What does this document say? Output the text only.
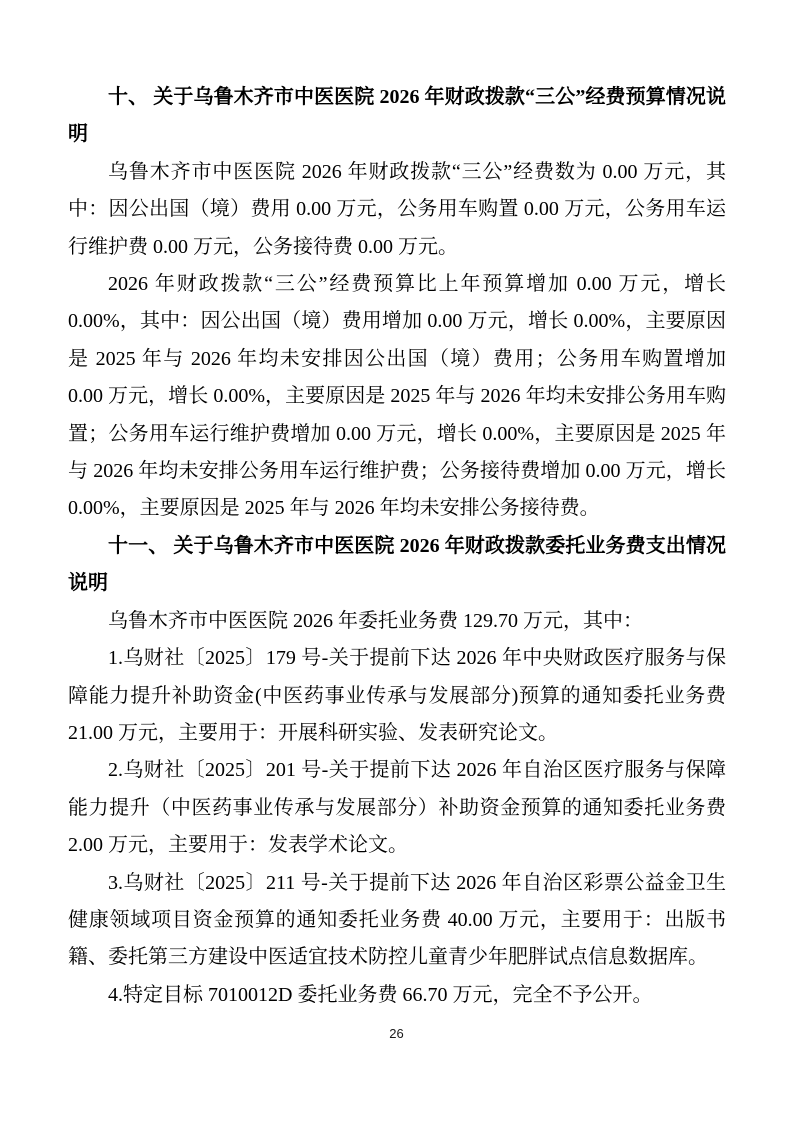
十、 关于乌鲁木齐市中医医院 2026 年财政拨款“三公”经费预算情况说明

乌鲁木齐市中医医院 2026 年财政拨款“三公”经费数为 0.00 万元，其中：因公出国（境）费用 0.00 万元，公务用车购置 0.00 万元，公务用车运行维护费 0.00 万元，公务接待费 0.00 万元。

2026 年财政拨款“三公”经费预算比上年预算增加 0.00 万元，增长 0.00%，其中：因公出国（境）费用增加 0.00 万元，增长 0.00%，主要原因是 2025 年与 2026 年均未安排因公出国（境）费用；公务用车购置增加 0.00 万元，增长 0.00%，主要原因是 2025 年与 2026 年均未安排公务用车购置；公务用车运行维护费增加 0.00 万元，增长 0.00%，主要原因是 2025 年与 2026 年均未安排公务用车运行维护费；公务接待费增加 0.00 万元，增长 0.00%，主要原因是 2025 年与 2026 年均未安排公务接待费。

十一、 关于乌鲁木齐市中医医院 2026 年财政拨款委托业务费支出情况说明

乌鲁木齐市中医医院 2026 年委托业务费 129.70 万元，其中：

1.乌财社〔2025〕179 号-关于提前下达 2026 年中央财政医疗服务与保障能力提升补助资金(中医药事业传承与发展部分)预算的通知委托业务费 21.00 万元，主要用于：开展科研实验、发表研究论文。

2.乌财社〔2025〕201 号-关于提前下达 2026 年自治区医疗服务与保障能力提升（中医药事业传承与发展部分）补助资金预算的通知委托业务费 2.00 万元，主要用于：发表学术论文。

3.乌财社〔2025〕211 号-关于提前下达 2026 年自治区彩票公益金卫生健康领域项目资金预算的通知委托业务费 40.00 万元，主要用于：出版书籍、委托第三方建设中医适宜技术防控儿童青少年肥胖试点信息数据库。

4.特定目标 7010012D 委托业务费 66.70 万元，完全不予公开。

26
